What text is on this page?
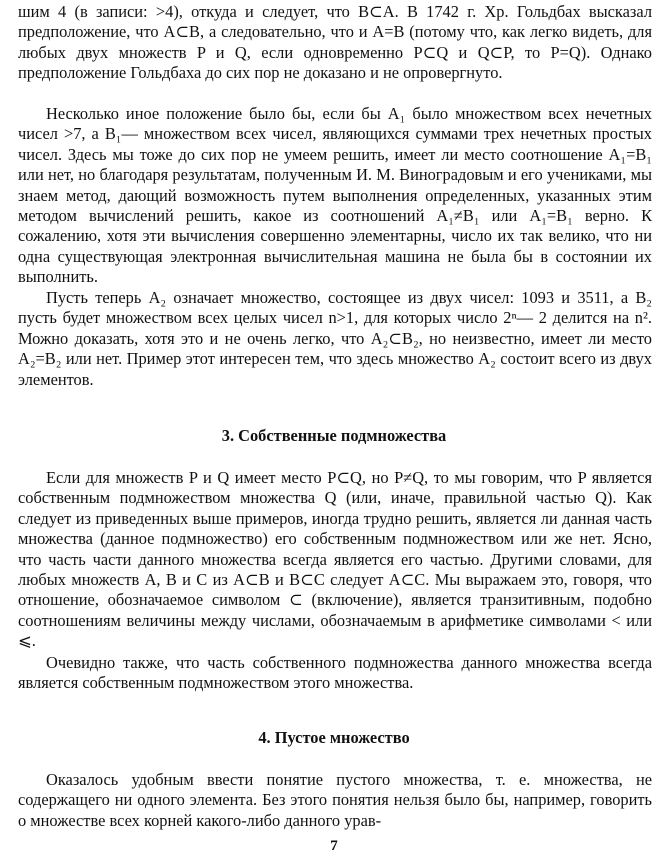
шим 4 (в записи: >4), откуда и следует, что B⊂A. В 1742 г. Хр. Гольдбах высказал предположение, что A⊂B, а следовательно, что и A=B (потому что, как легко видеть, для любых двух множеств P и Q, если одновременно P⊂Q и Q⊂P, то P=Q). Однако предположение Гольдбаха до сих пор не доказано и не опровергнуто.

Несколько иное положение было бы, если бы A₁ было множеством всех нечетных чисел >7, а B₁— множеством всех чисел, являющихся суммами трех нечетных простых чисел. Здесь мы тоже до сих пор не умеем решить, имеет ли место соотношение A₁=B₁ или нет, но благодаря результатам, полученным И. М. Виноградовым и его учениками, мы знаем метод, дающий возможность путем выполнения определенных, указанных этим методом вычислений решить, какое из соотношений A₁≠B₁ или A₁=B₁ верно. К сожалению, хотя эти вычисления совершенно элементарны, число их так велико, что ни одна существующая электронная вычислительная машина не была бы в состоянии их выполнить.

Пусть теперь A₂ означает множество, состоящее из двух чисел: 1093 и 3511, а B₂ пусть будет множеством всех целых чисел n>1, для которых число 2ⁿ— 2 делится на n². Можно доказать, хотя это и не очень легко, что A₂⊂B₂, но неизвестно, имеет ли место A₂=B₂ или нет. Пример этот интересен тем, что здесь множество A₂ состоит всего из двух элементов.

3. Собственные подмножества

Если для множеств P и Q имеет место P⊂Q, но P≠Q, то мы говорим, что P является собственным подмножеством множества Q (или, иначе, правильной частью Q). Как следует из приведенных выше примеров, иногда трудно решить, является ли данная часть множества (данное подмножество) его собственным подмножеством или же нет. Ясно, что часть части данного множества всегда является его частью. Другими словами, для любых множеств A, B и C из A⊂B и B⊂C следует A⊂C. Мы выражаем это, говоря, что отношение, обозначаемое символом ⊂ (включение), является транзитивным, подобно соотношениям величины между числами, обозначаемым в арифметике символами < или ⩽.

Очевидно также, что часть собственного подмножества данного множества всегда является собственным подмножеством этого множества.

4. Пустое множество

Оказалось удобным ввести понятие пустого множества, т. е. множества, не содержащего ни одного элемента. Без этого понятия нельзя было бы, например, говорить о множестве всех корней какого-либо данного урав-

7
